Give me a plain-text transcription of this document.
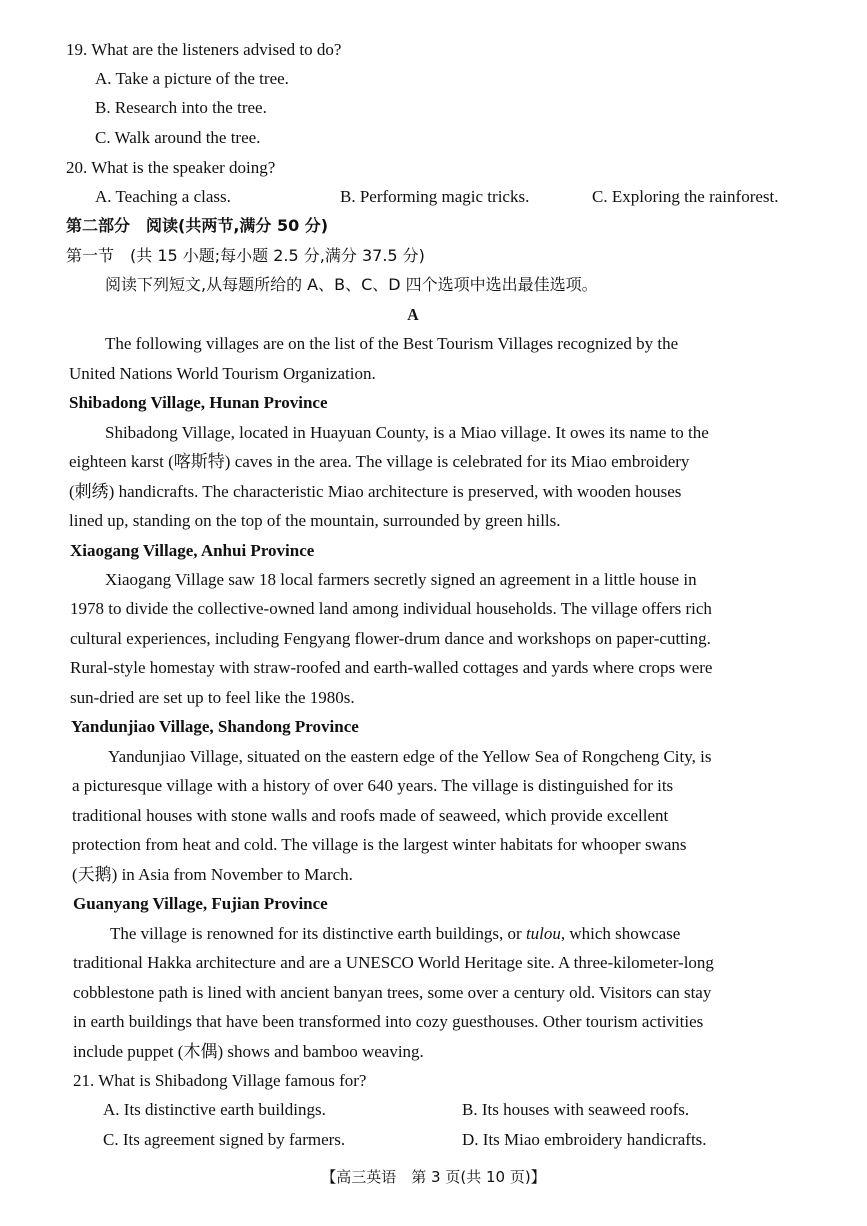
19. What are the listeners advised to do?
A. Take a picture of the tree.
B. Research into the tree.
C. Walk around the tree.
20. What is the speaker doing?
A. Teaching a class.	B. Performing magic tricks.	C. Exploring the rainforest.
第二部分　阅读(共两节,满分 50 分)
第一节　(共 15 小题;每小题 2.5 分,满分 37.5 分)
阅读下列短文,从每题所给的 A、B、C、D 四个选项中选出最佳选项。
A
The following villages are on the list of the Best Tourism Villages recognized by the
United Nations World Tourism Organization.
Shibadong Village, Hunan Province
Shibadong Village, located in Huayuan County, is a Miao village. It owes its name to the
eighteen karst (喀斯特) caves in the area. The village is celebrated for its Miao embroidery
(刺绣) handicrafts. The characteristic Miao architecture is preserved, with wooden houses
lined up, standing on the top of the mountain, surrounded by green hills.
Xiaogang Village, Anhui Province
Xiaogang Village saw 18 local farmers secretly signed an agreement in a little house in
1978 to divide the collective-owned land among individual households. The village offers rich
cultural experiences, including Fengyang flower-drum dance and workshops on paper-cutting.
Rural-style homestay with straw-roofed and earth-walled cottages and yards where crops were
sun-dried are set up to feel like the 1980s.
Yandunjiao Village, Shandong Province
Yandunjiao Village, situated on the eastern edge of the Yellow Sea of Rongcheng City, is
a picturesque village with a history of over 640 years. The village is distinguished for its
traditional houses with stone walls and roofs made of seaweed, which provide excellent
protection from heat and cold. The village is the largest winter habitats for whooper swans
(天鹅) in Asia from November to March.
Guanyang Village, Fujian Province
The village is renowned for its distinctive earth buildings, or tulou, which showcase
traditional Hakka architecture and are a UNESCO World Heritage site. A three-kilometer-long
cobblestone path is lined with ancient banyan trees, some over a century old. Visitors can stay
in earth buildings that have been transformed into cozy guesthouses. Other tourism activities
include puppet (木偶) shows and bamboo weaving.
21. What is Shibadong Village famous for?
A. Its distinctive earth buildings.	B. Its houses with seaweed roofs.
C. Its agreement signed by farmers.	D. Its Miao embroidery handicrafts.
【高三英语　第 3 页(共 10 页)】
